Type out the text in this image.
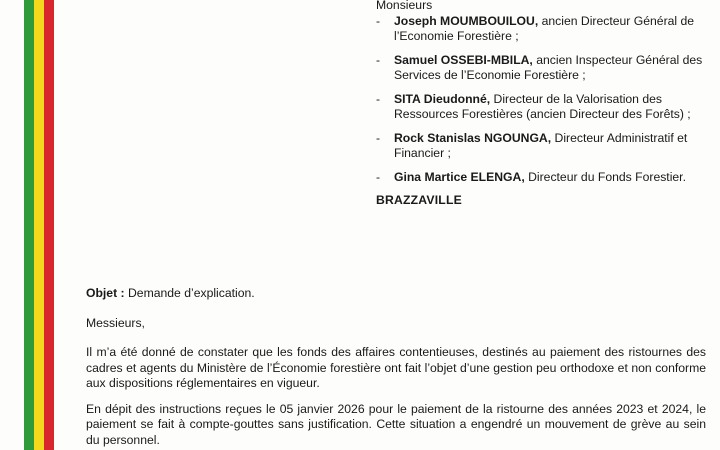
Monsieurs
- Joseph MOUMBOUILOU, ancien Directeur Général de l’Economie Forestière ;
- Samuel OSSEBI-MBILA, ancien Inspecteur Général des Services de l’Economie Forestière ;
- SITA Dieudonné, Directeur de la Valorisation des Ressources Forestières (ancien Directeur des Forêts) ;
- Rock Stanislas NGOUNGA, Directeur Administratif et Financier ;
- Gina Martice ELENGA, Directeur du Fonds Forestier.
BRAZZAVILLE

Objet : Demande d’explication.

Messieurs,

Il m’a été donné de constater que les fonds des affaires contentieuses, destinés au paiement des ristournes des cadres et agents du Ministère de l’Économie forestière ont fait l’objet d’une gestion peu orthodoxe et non conforme aux dispositions réglementaires en vigueur.

En dépit des instructions reçues le 05 janvier 2026 pour le paiement de la ristourne des années 2023 et 2024, le paiement se fait à compte-gouttes sans justification. Cette situation a engendré un mouvement de grève au sein du personnel.
